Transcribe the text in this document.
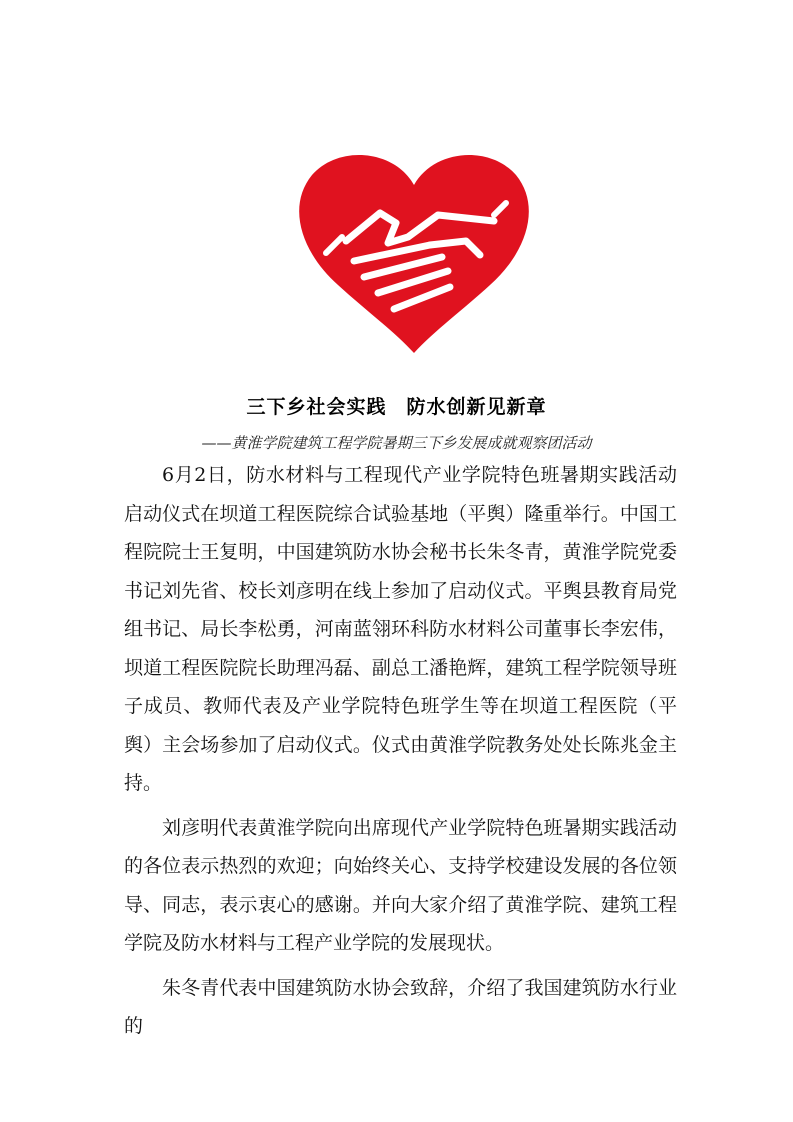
三下乡社会实践　防水创新见新章
——黄淮学院建筑工程学院暑期三下乡发展成就观察团活动

6月2日，防水材料与工程现代产业学院特色班暑期实践活动启动仪式在坝道工程医院综合试验基地（平舆）隆重举行。中国工程院院士王复明，中国建筑防水协会秘书长朱冬青，黄淮学院党委书记刘先省、校长刘彦明在线上参加了启动仪式。平舆县教育局党组书记、局长李松勇，河南蓝翎环科防水材料公司董事长李宏伟，坝道工程医院院长助理冯磊、副总工潘艳辉，建筑工程学院领导班子成员、教师代表及产业学院特色班学生等在坝道工程医院（平舆）主会场参加了启动仪式。仪式由黄淮学院教务处处长陈兆金主持。

刘彦明代表黄淮学院向出席现代产业学院特色班暑期实践活动的各位表示热烈的欢迎；向始终关心、支持学校建设发展的各位领导、同志，表示衷心的感谢。并向大家介绍了黄淮学院、建筑工程学院及防水材料与工程产业学院的发展现状。

朱冬青代表中国建筑防水协会致辞，介绍了我国建筑防水行业的
